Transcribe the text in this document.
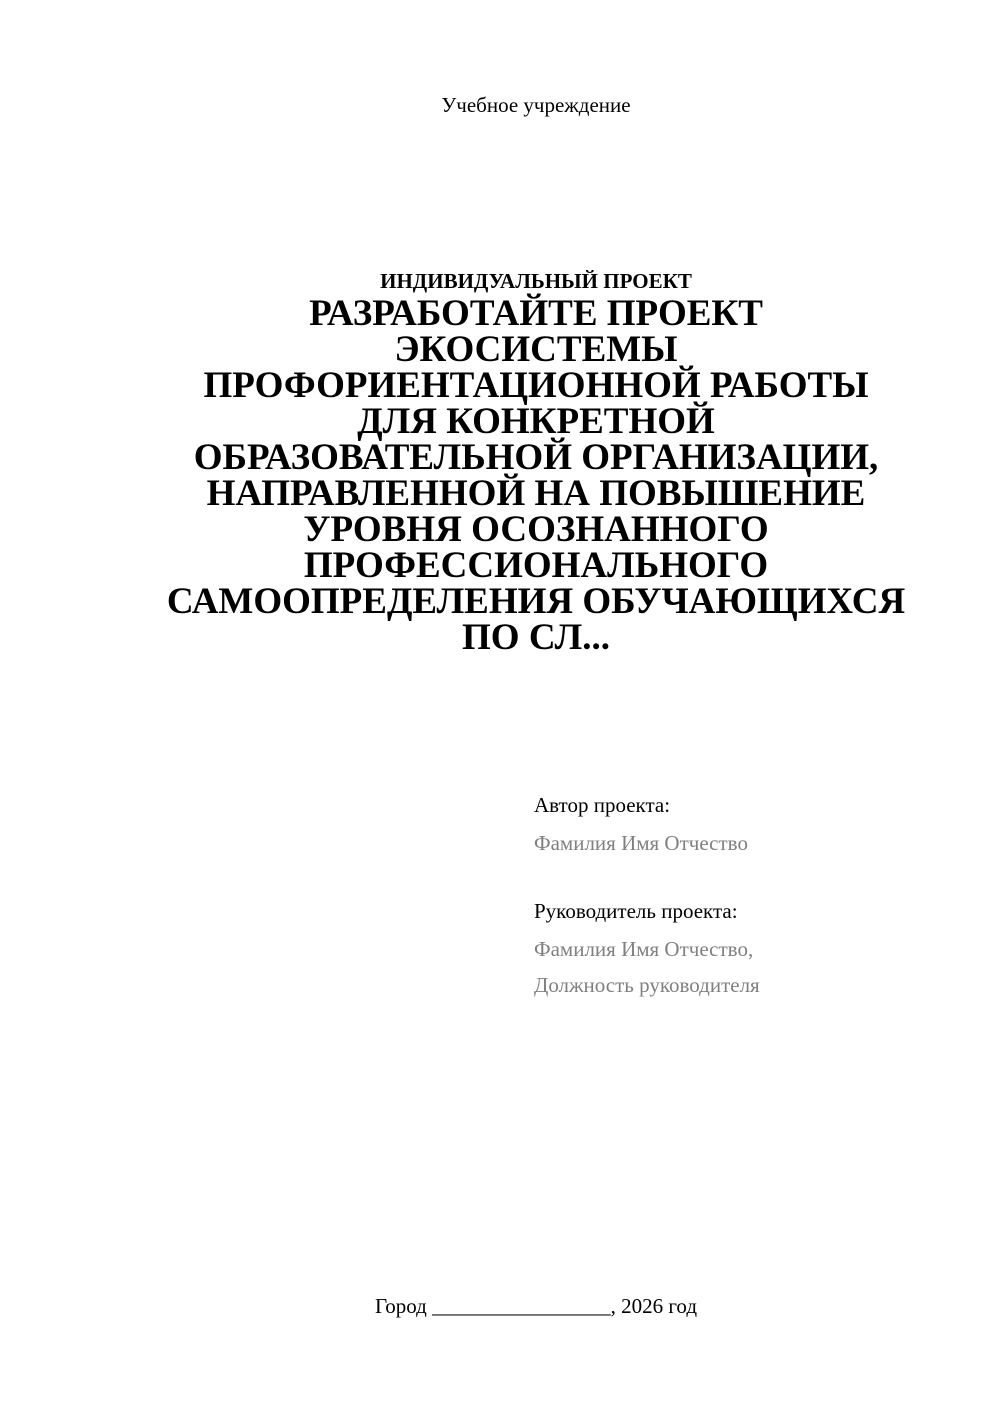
Учебное учреждение
ИНДИВИДУАЛЬНЫЙ ПРОЕКТ
РАЗРАБОТАЙТЕ ПРОЕКТ
ЭКОСИСТЕМЫ
ПРОФОРИЕНТАЦИОННОЙ РАБОТЫ
ДЛЯ КОНКРЕТНОЙ
ОБРАЗОВАТЕЛЬНОЙ ОРГАНИЗАЦИИ,
НАПРАВЛЕННОЙ НА ПОВЫШЕНИЕ
УРОВНЯ ОСОЗНАННОГО
ПРОФЕССИОНАЛЬНОГО
САМООПРЕДЕЛЕНИЯ ОБУЧАЮЩИХСЯ
ПО СЛ...
Автор проекта:
Фамилия Имя Отчество
Руководитель проекта:
Фамилия Имя Отчество,
Должность руководителя
Город _________________, 2026 год
